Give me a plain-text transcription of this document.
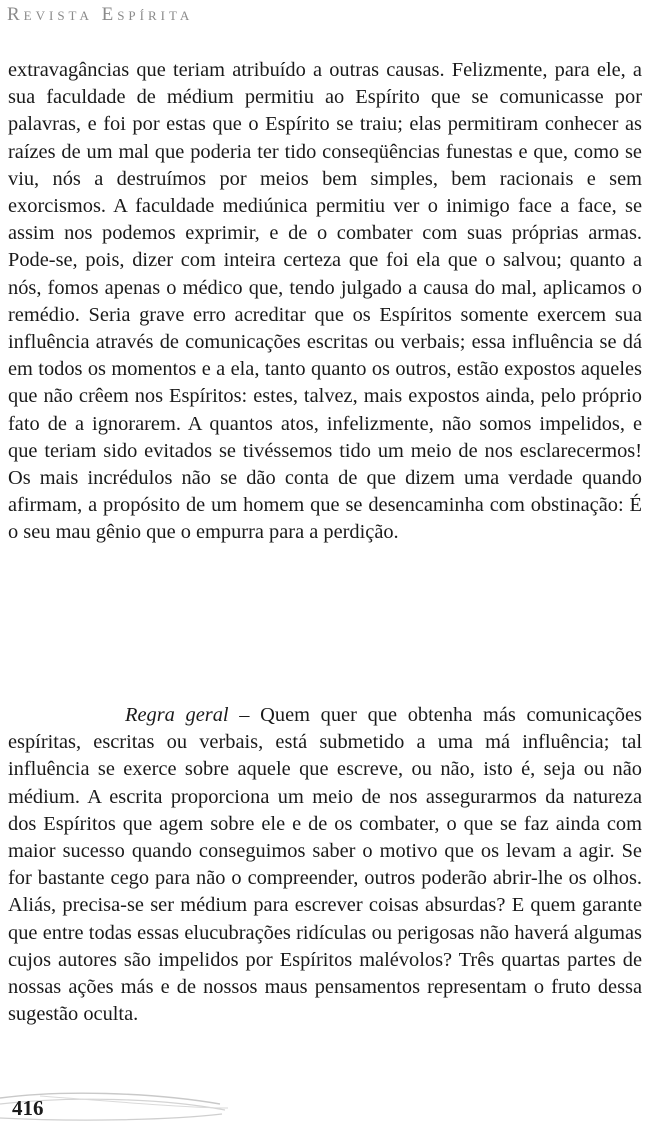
Revista Espírita

extravagâncias que teriam atribuído a outras causas. Felizmente, para ele, a sua faculdade de médium permitiu ao Espírito que se comunicasse por palavras, e foi por estas que o Espírito se traiu; elas permitiram conhecer as raízes de um mal que poderia ter tido conseqüências funestas e que, como se viu, nós a destruímos por meios bem simples, bem racionais e sem exorcismos. A faculdade mediúnica permitiu ver o inimigo face a face, se assim nos podemos exprimir, e de o combater com suas próprias armas. Pode-se, pois, dizer com inteira certeza que foi ela que o salvou; quanto a nós, fomos apenas o médico que, tendo julgado a causa do mal, aplicamos o remédio. Seria grave erro acreditar que os Espíritos somente exercem sua influência através de comunicações escritas ou verbais; essa influência se dá em todos os momentos e a ela, tanto quanto os outros, estão expostos aqueles que não crêem nos Espíritos: estes, talvez, mais expostos ainda, pelo próprio fato de a ignorarem. A quantos atos, infelizmente, não somos impelidos, e que teriam sido evitados se tivéssemos tido um meio de nos esclarecermos! Os mais incrédulos não se dão conta de que dizem uma verdade quando afirmam, a propósito de um homem que se desencaminha com obstinação: É o seu mau gênio que o empurra para a perdição.

Regra geral – Quem quer que obtenha más comunicações espíritas, escritas ou verbais, está submetido a uma má influência; tal influência se exerce sobre aquele que escreve, ou não, isto é, seja ou não médium. A escrita proporciona um meio de nos assegurarmos da natureza dos Espíritos que agem sobre ele e de os combater, o que se faz ainda com maior sucesso quando conseguimos saber o motivo que os levam a agir. Se for bastante cego para não o compreender, outros poderão abrir-lhe os olhos. Aliás, precisa-se ser médium para escrever coisas absurdas? E quem garante que entre todas essas elucubrações ridículas ou perigosas não haverá algumas cujos autores são impelidos por Espíritos malévolos? Três quartas partes de nossas ações más e de nossos maus pensamentos representam o fruto dessa sugestão oculta.

416
